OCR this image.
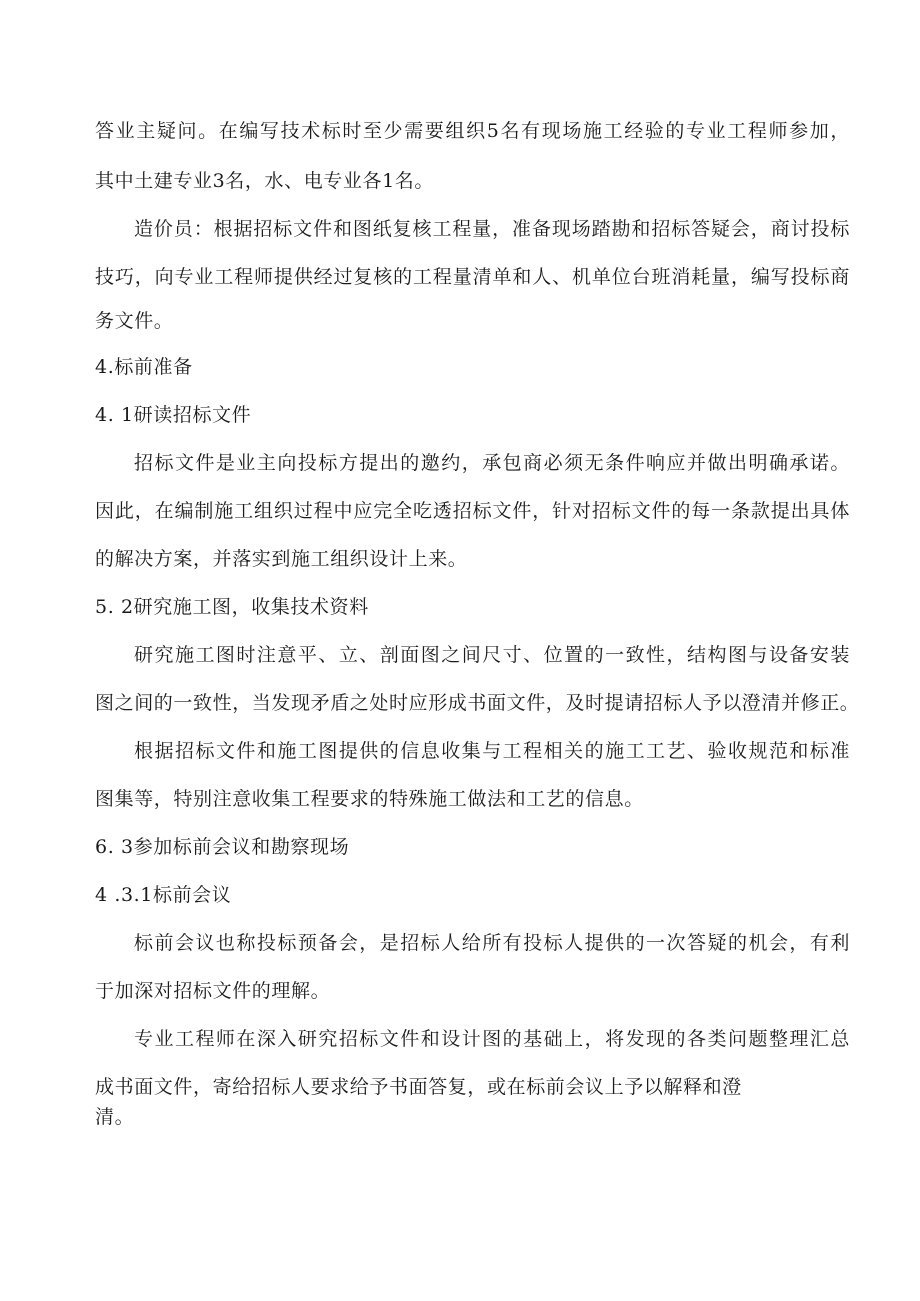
答业主疑问。在编写技术标时至少需要组织5名有现场施工经验的专业工程师参加，
其中土建专业3名，水、电专业各1名。
造价员：根据招标文件和图纸复核工程量，准备现场踏勘和招标答疑会，商讨投标
技巧，向专业工程师提供经过复核的工程量清单和人、机单位台班消耗量，编写投标商
务文件。
4.标前准备
4. 1研读招标文件
招标文件是业主向投标方提出的邀约，承包商必须无条件响应并做出明确承诺。
因此，在编制施工组织过程中应完全吃透招标文件，针对招标文件的每一条款提出具体
的解决方案，并落实到施工组织设计上来。
5. 2研究施工图，收集技术资料
研究施工图时注意平、立、剖面图之间尺寸、位置的一致性，结构图与设备安装
图之间的一致性，当发现矛盾之处时应形成书面文件，及时提请招标人予以澄清并修正。
根据招标文件和施工图提供的信息收集与工程相关的施工工艺、验收规范和标准
图集等，特别注意收集工程要求的特殊施工做法和工艺的信息。
6. 3参加标前会议和勘察现场
4 .3.1标前会议
标前会议也称投标预备会，是招标人给所有投标人提供的一次答疑的机会，有利
于加深对招标文件的理解。
专业工程师在深入研究招标文件和设计图的基础上，将发现的各类问题整理汇总
成书面文件，寄给招标人要求给予书面答复，或在标前会议上予以解释和澄
清。
